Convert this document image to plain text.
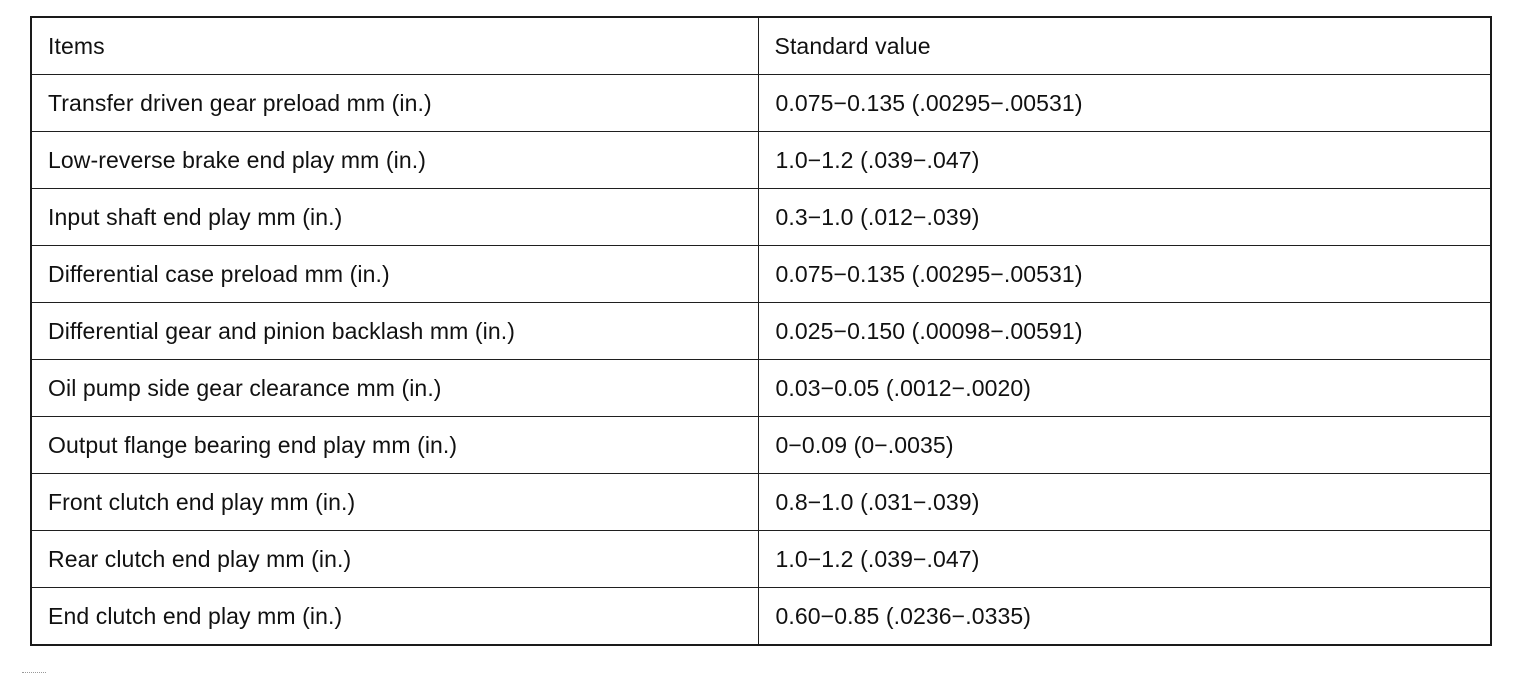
Items	Standard value
Transfer driven gear preload mm (in.)	0.075−0.135 (.00295−.00531)
Low-reverse brake end play mm (in.)	1.0−1.2 (.039−.047)
Input shaft end play mm (in.)	0.3−1.0 (.012−.039)
Differential case preload mm (in.)	0.075−0.135 (.00295−.00531)
Differential gear and pinion backlash mm (in.)	0.025−0.150 (.00098−.00591)
Oil pump side gear clearance mm (in.)	0.03−0.05 (.0012−.0020)
Output flange bearing end play mm (in.)	0−0.09 (0−.0035)
Front clutch end play mm (in.)	0.8−1.0 (.031−.039)
Rear clutch end play mm (in.)	1.0−1.2 (.039−.047)
End clutch end play mm (in.)	0.60−0.85 (.0236−.0335)
